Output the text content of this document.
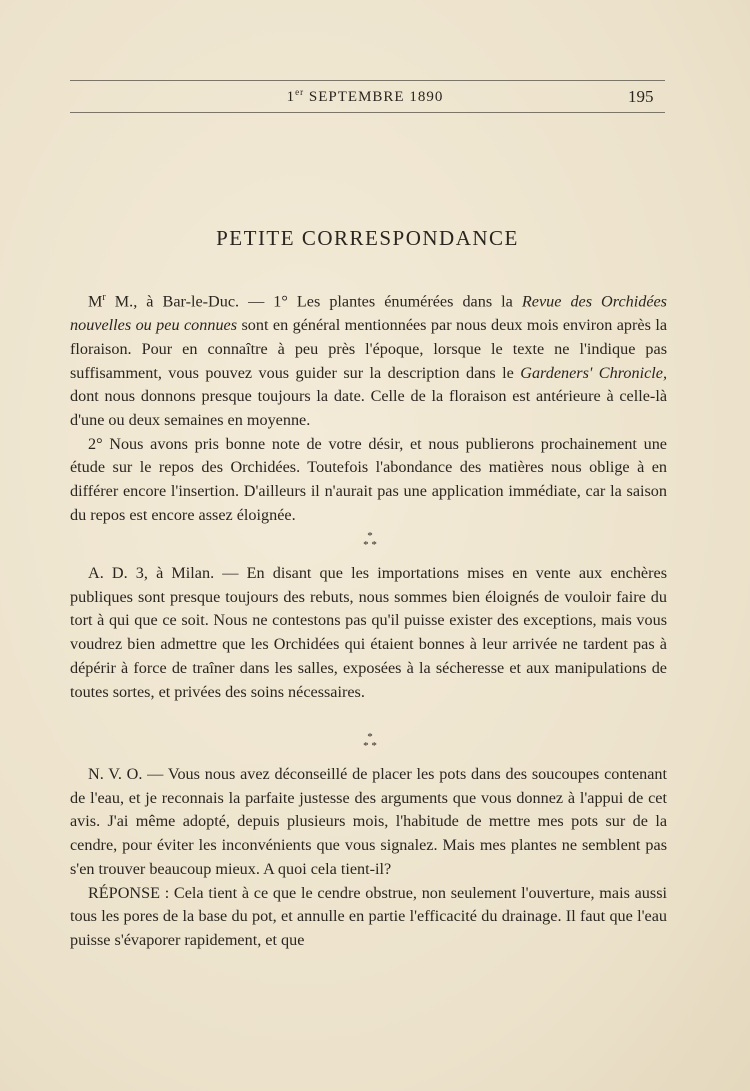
1er SEPTEMBRE 1890	195
PETITE CORRESPONDANCE

$M^r$ M., à Bar-le-Duc. — 1° Les plantes énumérées dans la Revue des Orchidées nouvelles ou peu connues sont en général mentionnées par nous deux mois environ après la floraison. Pour en connaître à peu près l'époque, lorsque le texte ne l'indique pas suffisamment, vous pouvez vous guider sur la description dans le Gardeners' Chronicle, dont nous donnons presque toujours la date. Celle de la floraison est antérieure à celle-là d'une ou deux semaines en moyenne.

2° Nous avons pris bonne note de votre désir, et nous publierons prochainement une étude sur le repos des Orchidées. Toutefois l'abondance des matières nous oblige à en différer encore l'insertion. D'ailleurs il n'aurait pas une application immédiate, car la saison du repos est encore assez éloignée.

*
* *

A. D. 3, à Milan. — En disant que les importations mises en vente aux enchères publiques sont presque toujours des rebuts, nous sommes bien éloignés de vouloir faire du tort à qui que ce soit. Nous ne contestons pas qu'il puisse exister des exceptions, mais vous voudrez bien admettre que les Orchidées qui étaient bonnes à leur arrivée ne tardent pas à dépérir à force de traîner dans les salles, exposées à la sécheresse et aux manipulations de toutes sortes, et privées des soins nécessaires.

*
* *

N. V. O. — Vous nous avez déconseillé de placer les pots dans des soucoupes contenant de l'eau, et je reconnais la parfaite justesse des arguments que vous donnez à l'appui de cet avis. J'ai même adopté, depuis plusieurs mois, l'habitude de mettre mes pots sur de la cendre, pour éviter les inconvénients que vous signalez. Mais mes plantes ne semblent pas s'en trouver beaucoup mieux. A quoi cela tient-il?

RÉPONSE : Cela tient à ce que le cendre obstrue, non seulement l'ouverture, mais aussi tous les pores de la base du pot, et annulle en partie l'efficacité du drainage. Il faut que l'eau puisse s'évaporer rapidement, et que
